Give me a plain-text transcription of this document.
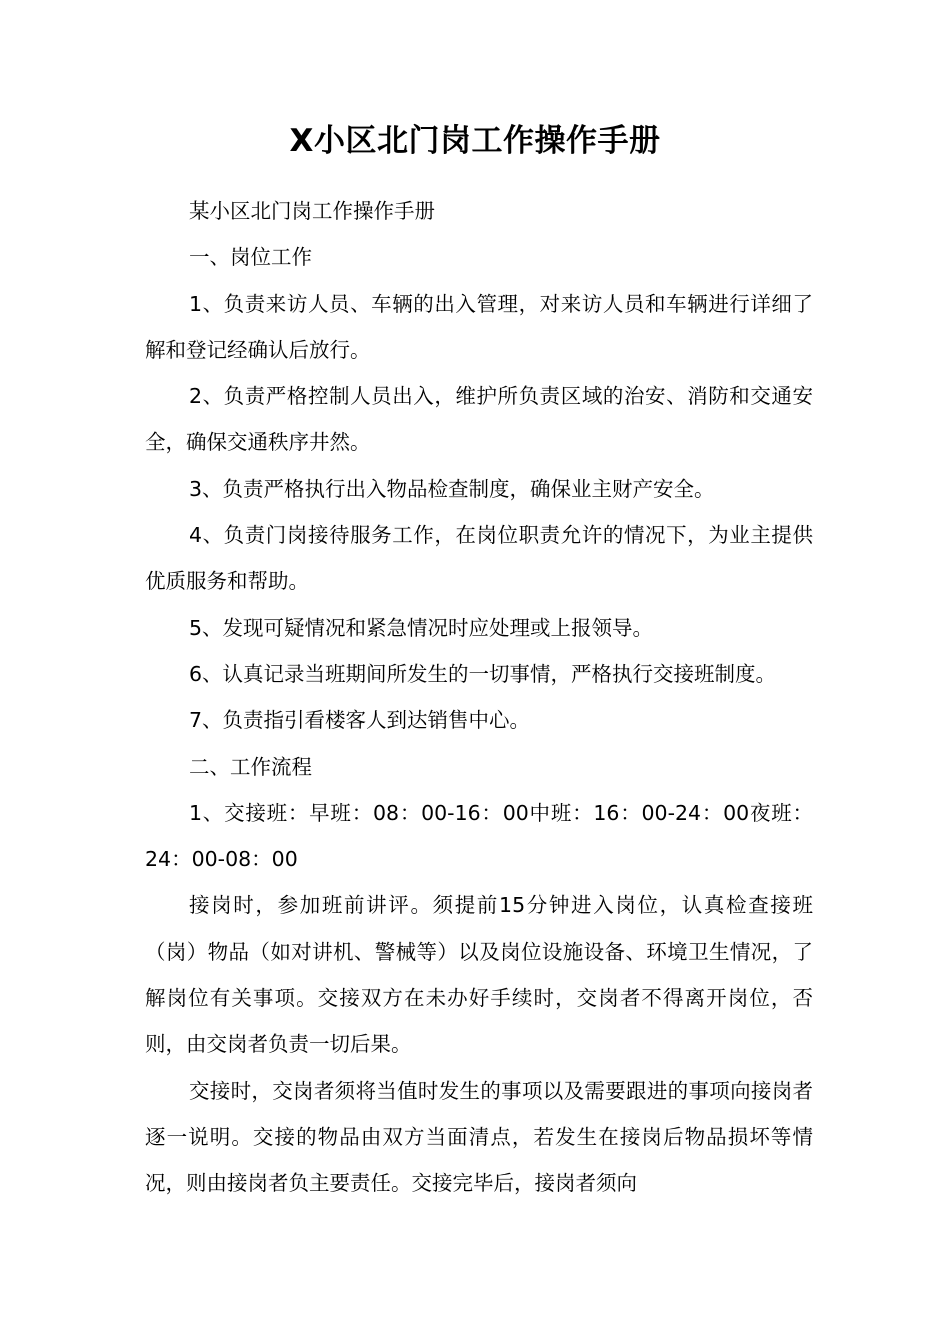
X小区北门岗工作操作手册

某小区北门岗工作操作手册

一、岗位工作

1、负责来访人员、车辆的出入管理，对来访人员和车辆进行详细了解和登记经确认后放行。

2、负责严格控制人员出入，维护所负责区域的治安、消防和交通安全，确保交通秩序井然。

3、负责严格执行出入物品检查制度，确保业主财产安全。

4、负责门岗接待服务工作，在岗位职责允许的情况下，为业主提供优质服务和帮助。

5、发现可疑情况和紧急情况时应处理或上报领导。

6、认真记录当班期间所发生的一切事情，严格执行交接班制度。

7、负责指引看楼客人到达销售中心。

二、工作流程

1、交接班：早班：08：00-16：00中班：16：00-24：00夜班：24：00-08：00

接岗时，参加班前讲评。须提前15分钟进入岗位，认真检查接班（岗）物品（如对讲机、警械等）以及岗位设施设备、环境卫生情况，了解岗位有关事项。交接双方在未办好手续时，交岗者不得离开岗位，否则，由交岗者负责一切后果。

交接时，交岗者须将当值时发生的事项以及需要跟进的事项向接岗者逐一说明。交接的物品由双方当面清点，若发生在接岗后物品损坏等情况，则由接岗者负主要责任。交接完毕后，接岗者须向
